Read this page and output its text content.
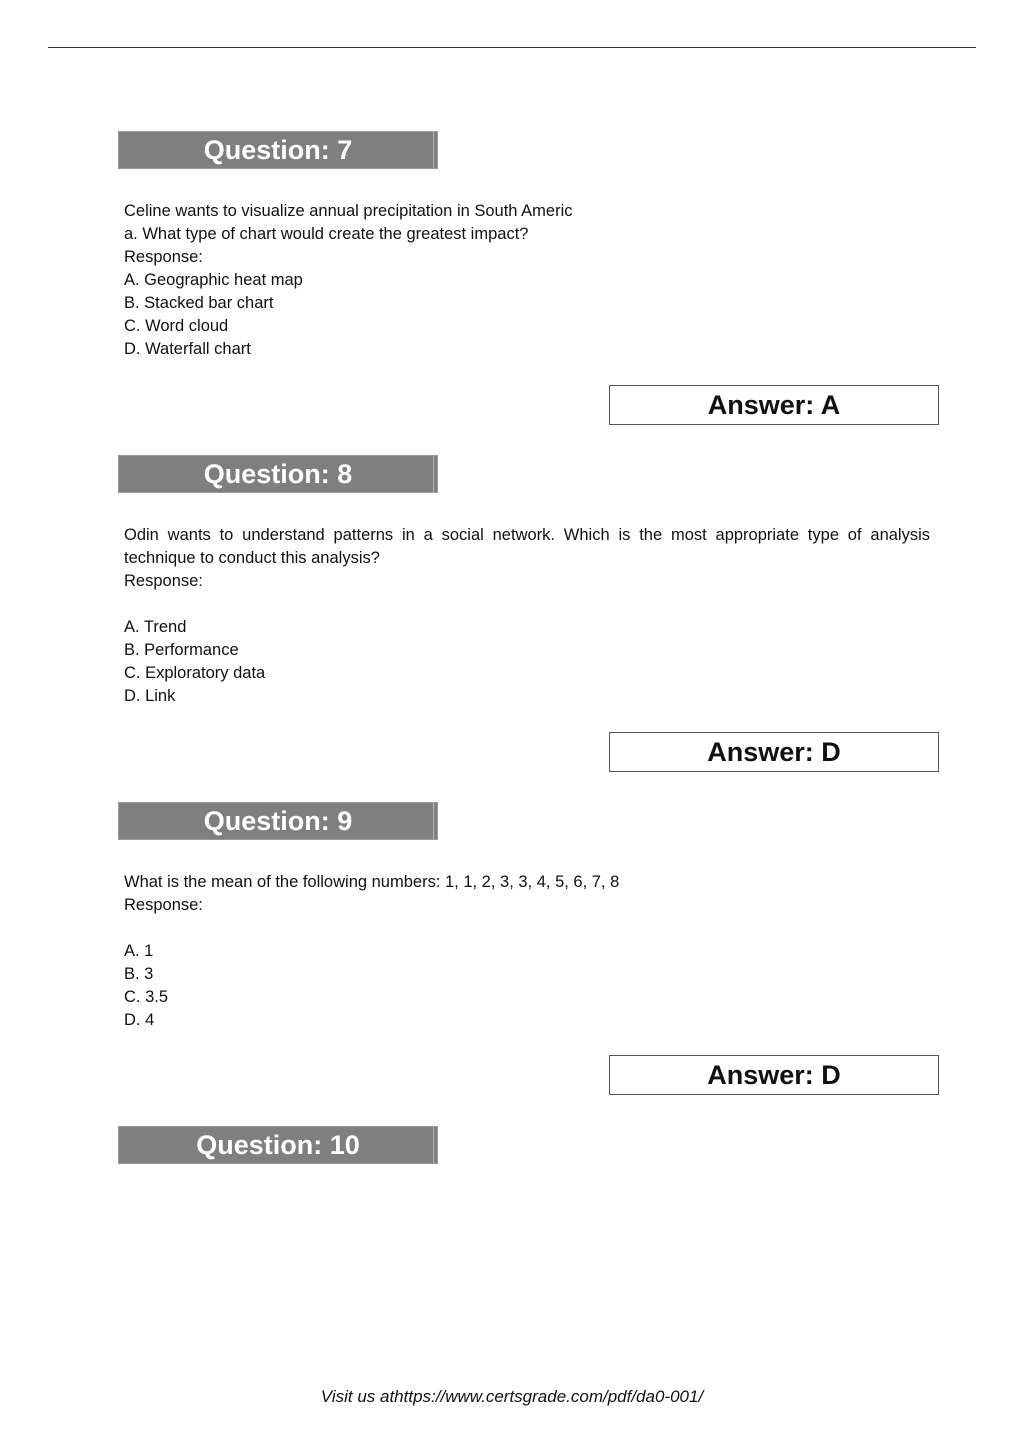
Question: 7
Celine wants to visualize annual precipitation in South Americ
a. What type of chart would create the greatest impact?
Response:
A. Geographic heat map
B. Stacked bar chart
C. Word cloud
D. Waterfall chart
Answer: A
Question: 8
Odin wants to understand patterns in a social network. Which is the most appropriate type of analysis technique to conduct this analysis?
Response:
A. Trend
B. Performance
C. Exploratory data
D. Link
Answer: D
Question: 9
What is the mean of the following numbers: 1, 1, 2, 3, 3, 4, 5, 6, 7, 8
Response:
A. 1
B. 3
C. 3.5
D. 4
Answer: D
Question: 10
Visit us athttps://www.certsgrade.com/pdf/da0-001/
